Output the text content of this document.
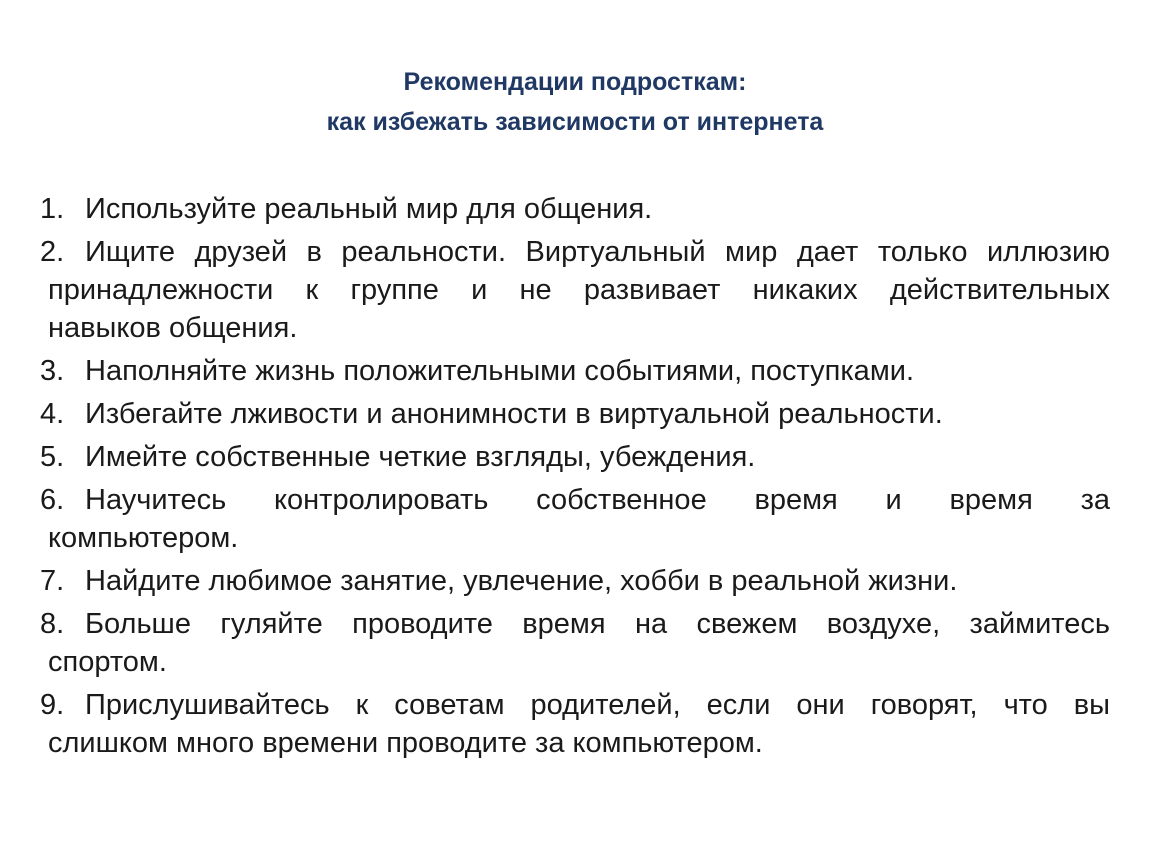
Рекомендации подросткам:
как избежать зависимости от интернета
1. Используйте реальный мир для общения.
2. Ищите друзей в реальности. Виртуальный мир дает только иллюзию
принадлежности к группе и не развивает никаких действительных
навыков общения.
3. Наполняйте жизнь положительными событиями, поступками.
4. Избегайте лживости и анонимности в виртуальной реальности.
5. Имейте собственные четкие взгляды, убеждения.
6. Научитесь контролировать собственное время и время за
компьютером.
7. Найдите любимое занятие, увлечение, хобби в реальной жизни.
8. Больше гуляйте проводите время на свежем воздухе, займитесь
спортом.
9. Прислушивайтесь к советам родителей, если они говорят, что вы
слишком много времени проводите за компьютером.
